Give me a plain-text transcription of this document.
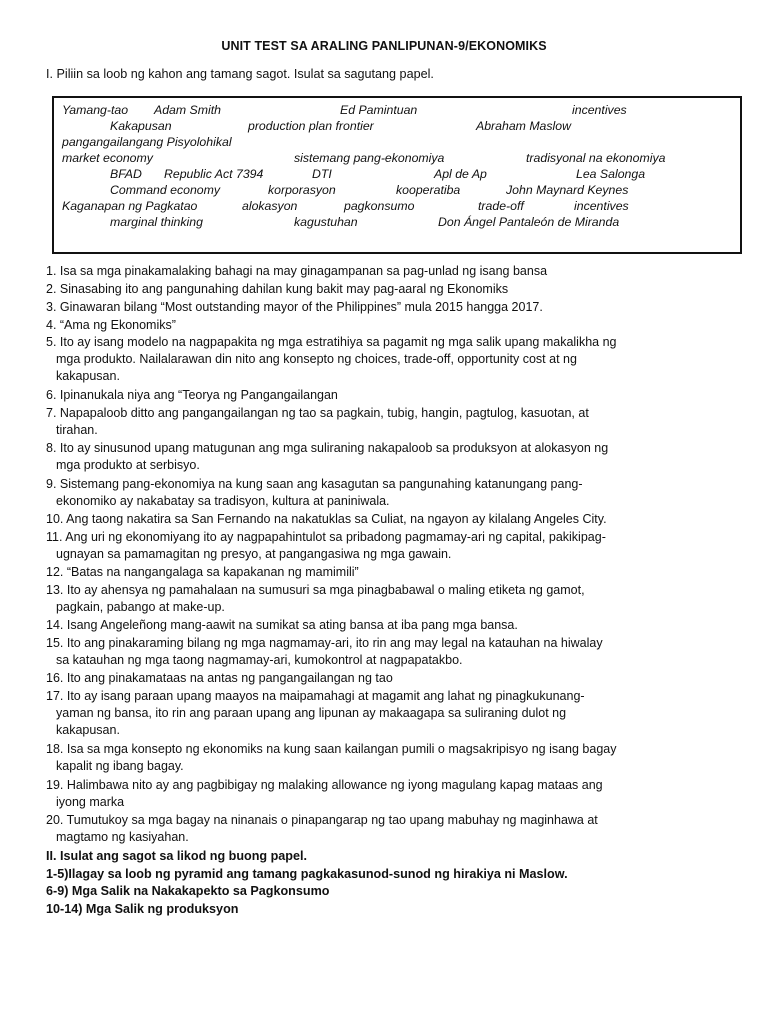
UNIT TEST SA ARALING PANLIPUNAN-9/EKONOMIKS
I. Piliin sa loob ng kahon ang tamang sagot. Isulat sa sagutang papel.
Yamang-tao Adam Smith	Ed Pamintuan	incentives
Kakapusan	production plan frontier	Abraham Maslow
pangangailangang Pisyolohikal
market economy	sistemang pang-ekonomiya	tradisyonal na ekonomiya
BFAD Republic Act 7394	DTI	Apl de Ap	Lea Salonga
Command economy	korporasyon	kooperatiba	John Maynard Keynes
Kaganapan ng Pagkatao	alokasyon	pagkonsumo	trade-off	incentives
marginal thinking	kagustuhan	Don Ángel Pantaleón de Miranda
1. Isa sa mga pinakamalaking bahagi na may ginagampanan sa pag-unlad ng isang bansa
2. Sinasabing ito ang pangunahing dahilan kung bakit may pag-aaral ng Ekonomiks
3. Ginawaran bilang “Most outstanding mayor of the Philippines” mula 2015 hangga 2017.
4. “Ama ng Ekonomiks”
5. Ito ay isang modelo na nagpapakita ng mga estratihiya sa pagamit ng mga salik upang makalikha ng
mga produkto. Nailalarawan din nito ang konsepto ng choices, trade-off, opportunity cost at ng
kakapusan.
6. Ipinanukala niya ang “Teorya ng Pangangailangan
7. Napapaloob ditto ang pangangailangan ng tao sa pagkain, tubig, hangin, pagtulog, kasuotan, at
tirahan.
8. Ito ay sinusunod upang matugunan ang mga suliraning nakapaloob sa produksyon at alokasyon ng
mga produkto at serbisyo.
9. Sistemang pang-ekonomiya na kung saan ang kasagutan sa pangunahing katanungang pang-
ekonomiko ay nakabatay sa tradisyon, kultura at paniniwala.
10. Ang taong nakatira sa San Fernando na nakatuklas sa Culiat, na ngayon ay kilalang Angeles City.
11. Ang uri ng ekonomiyang ito ay nagpapahintulot sa pribadong pagmamay-ari ng capital, pakikipag-
ugnayan sa pamamagitan ng presyo, at pangangasiwa ng mga gawain.
12. “Batas na nangangalaga sa kapakanan ng mamimili”
13. Ito ay ahensya ng pamahalaan na sumusuri sa mga pinagbabawal o maling etiketa ng gamot,
pagkain, pabango at make-up.
14. Isang Angeleñong mang-aawit na sumikat sa ating bansa at iba pang mga bansa.
15. Ito ang pinakaraming bilang ng mga nagmamay-ari, ito rin ang may legal na katauhan na hiwalay
sa katauhan ng mga taong nagmamay-ari, kumokontrol at nagpapatakbo.
16. Ito ang pinakamataas na antas ng pangangailangan ng tao
17. Ito ay isang paraan upang maayos na maipamahagi at magamit ang lahat ng pinagkukunang-
yaman ng bansa, ito rin ang paraan upang ang lipunan ay makaagapa sa suliraning dulot ng
kakapusan.
18. Isa sa mga konsepto ng ekonomiks na kung saan kailangan pumili o magsakripisyo ng isang bagay
kapalit ng ibang bagay.
19. Halimbawa nito ay ang pagbibigay ng malaking allowance ng iyong magulang kapag mataas ang
iyong marka
20. Tumutukoy sa mga bagay na ninanais o pinapangarap ng tao upang mabuhay ng maginhawa at
magtamo ng kasiyahan.
II. Isulat ang sagot sa likod ng buong papel.
1-5)Ilagay sa loob ng pyramid ang tamang pagkakasunod-sunod ng hirakiya ni Maslow.
6-9) Mga Salik na Nakakapekto sa Pagkonsumo
10-14) Mga Salik ng produksyon
